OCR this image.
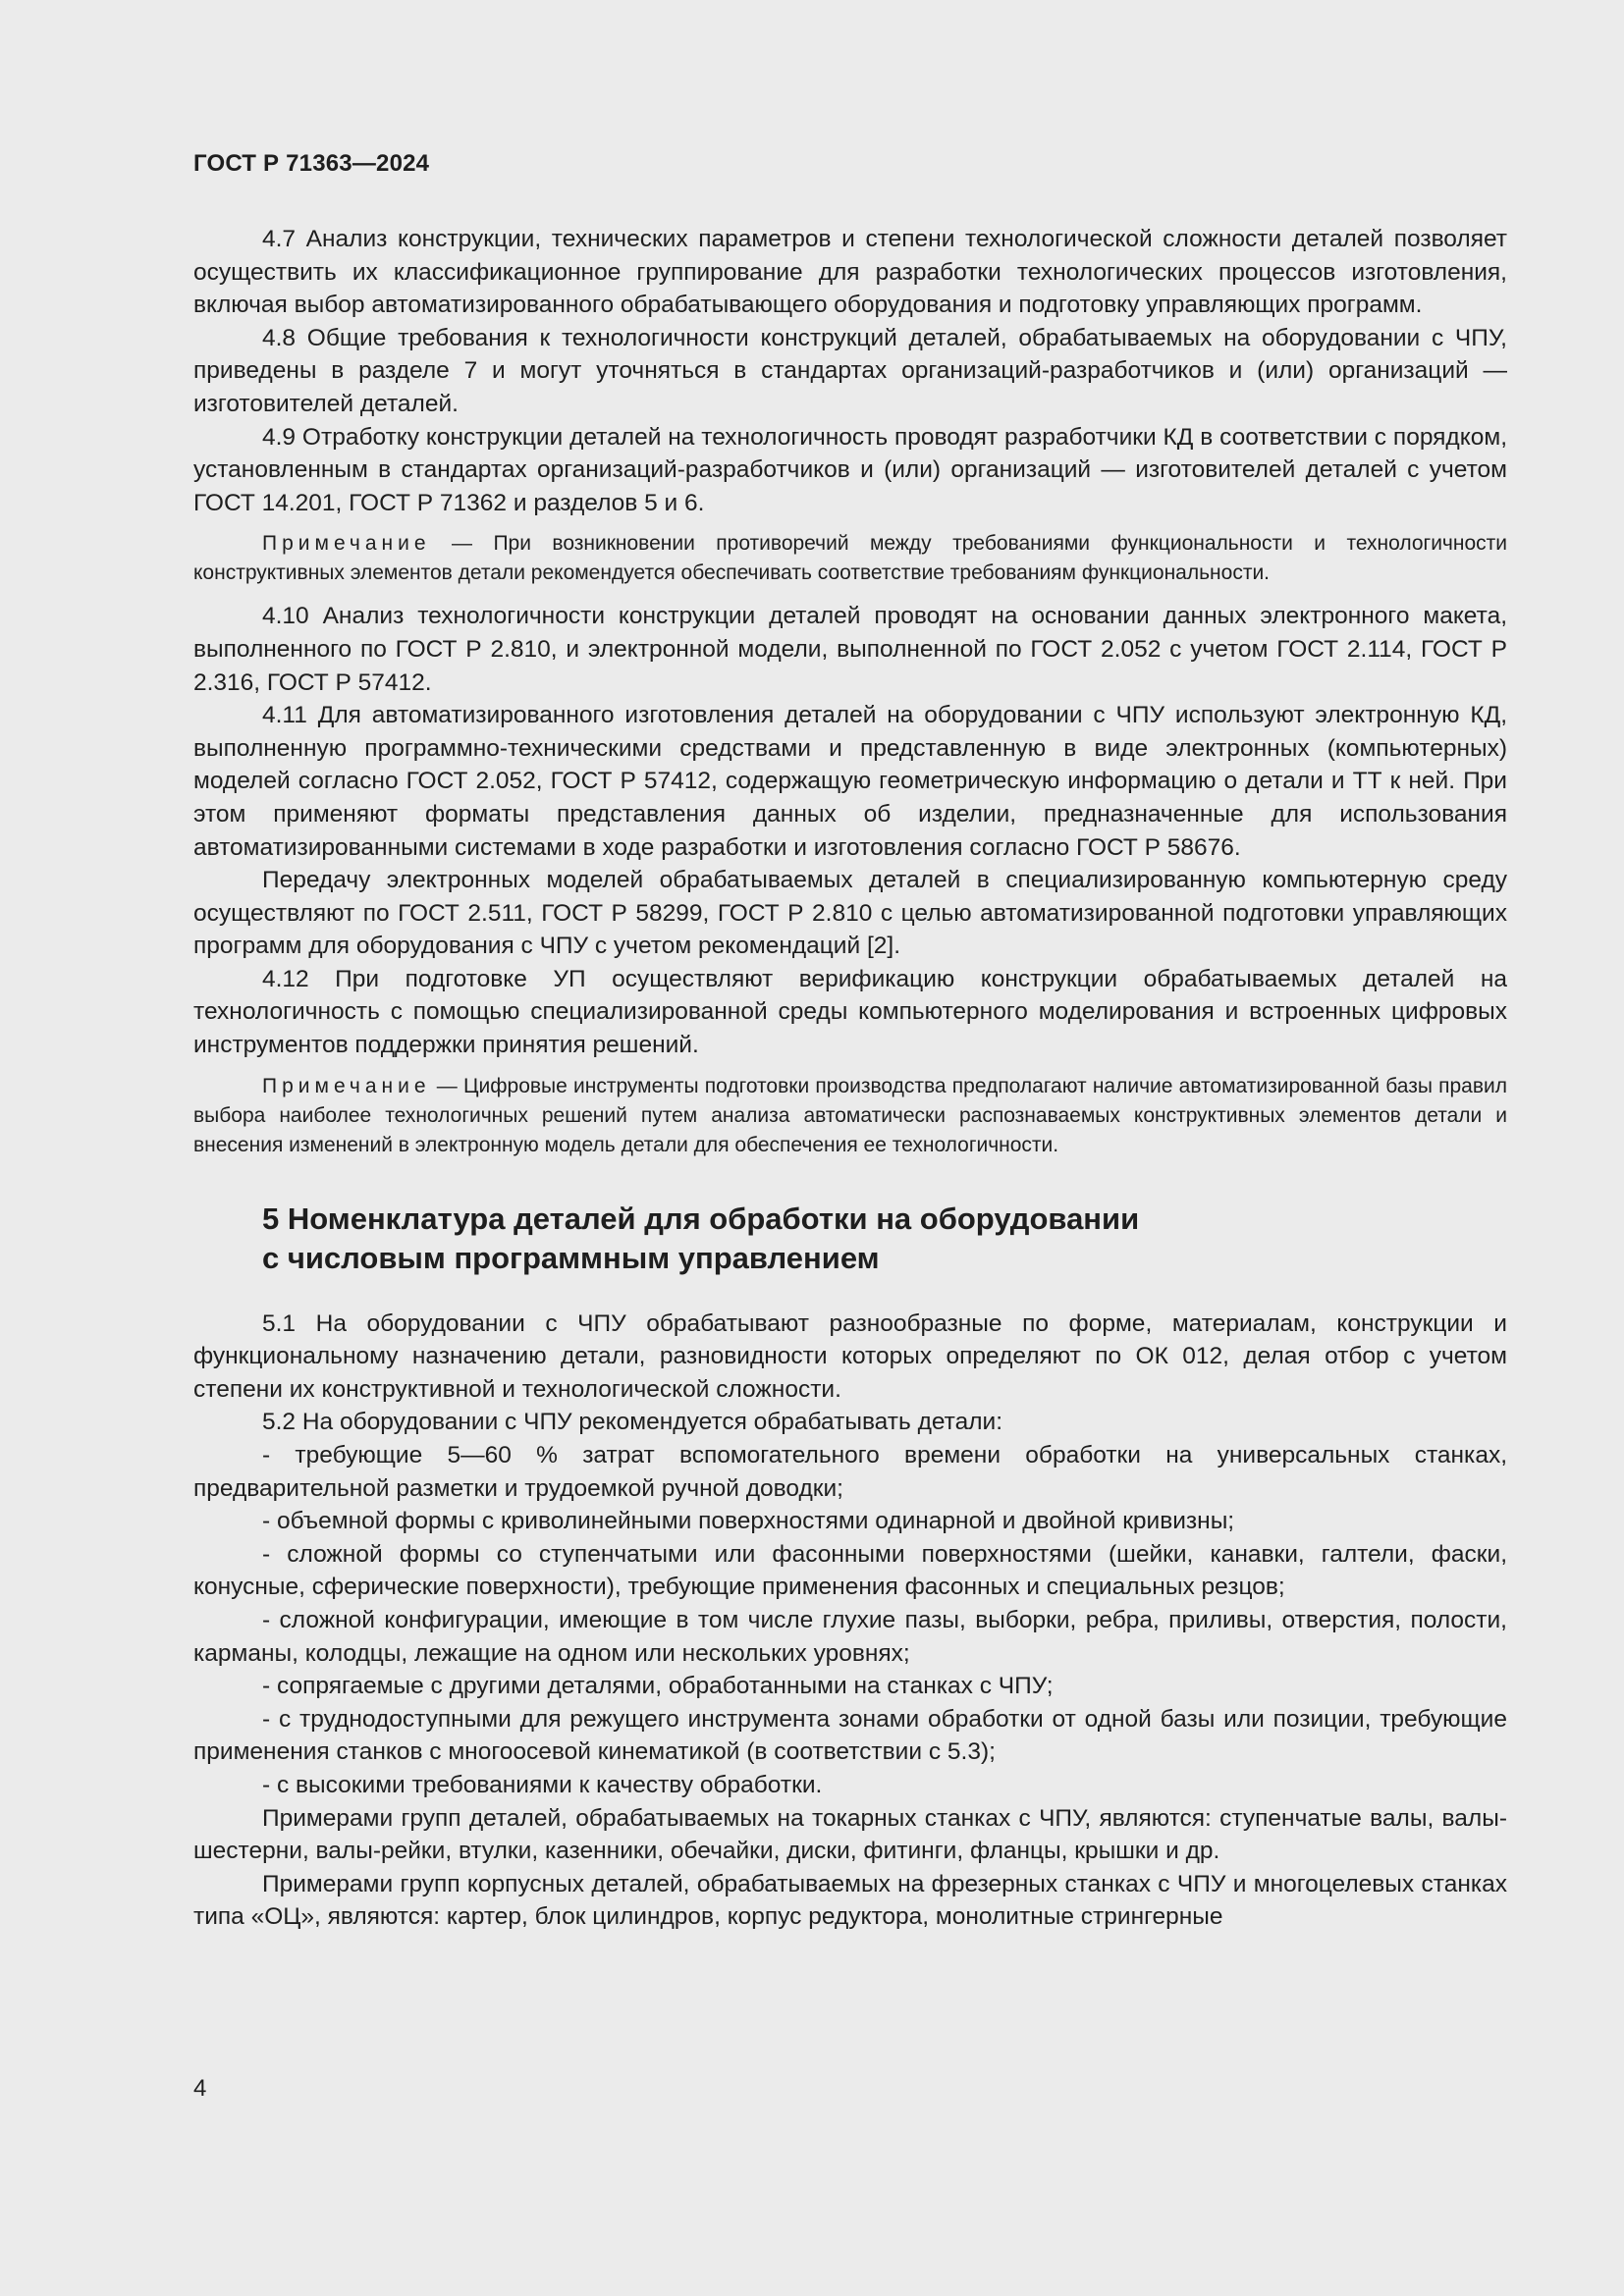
ГОСТ Р 71363—2024

4.7 Анализ конструкции, технических параметров и степени технологической сложности деталей позволяет осуществить их классификационное группирование для разработки технологических процессов изготовления, включая выбор автоматизированного обрабатывающего оборудования и подготовку управляющих программ.

4.8 Общие требования к технологичности конструкций деталей, обрабатываемых на оборудовании с ЧПУ, приведены в разделе 7 и могут уточняться в стандартах организаций-разработчиков и (или) организаций — изготовителей деталей.

4.9 Отработку конструкции деталей на технологичность проводят разработчики КД в соответствии с порядком, установленным в стандартах организаций-разработчиков и (или) организаций — изготовителей деталей с учетом ГОСТ 14.201, ГОСТ Р 71362 и разделов 5 и 6.

Примечание — При возникновении противоречий между требованиями функциональности и технологичности конструктивных элементов детали рекомендуется обеспечивать соответствие требованиям функциональности.

4.10 Анализ технологичности конструкции деталей проводят на основании данных электронного макета, выполненного по ГОСТ Р 2.810, и электронной модели, выполненной по ГОСТ 2.052 с учетом ГОСТ 2.114, ГОСТ Р 2.316, ГОСТ Р 57412.

4.11 Для автоматизированного изготовления деталей на оборудовании с ЧПУ используют электронную КД, выполненную программно-техническими средствами и представленную в виде электронных (компьютерных) моделей согласно ГОСТ 2.052, ГОСТ Р 57412, содержащую геометрическую информацию о детали и ТТ к ней. При этом применяют форматы представления данных об изделии, предназначенные для использования автоматизированными системами в ходе разработки и изготовления согласно ГОСТ Р 58676.

Передачу электронных моделей обрабатываемых деталей в специализированную компьютерную среду осуществляют по ГОСТ 2.511, ГОСТ Р 58299, ГОСТ Р 2.810 с целью автоматизированной подготовки управляющих программ для оборудования с ЧПУ с учетом рекомендаций [2].

4.12 При подготовке УП осуществляют верификацию конструкции обрабатываемых деталей на технологичность с помощью специализированной среды компьютерного моделирования и встроенных цифровых инструментов поддержки принятия решений.

Примечание — Цифровые инструменты подготовки производства предполагают наличие автоматизированной базы правил выбора наиболее технологичных решений путем анализа автоматически распознаваемых конструктивных элементов детали и внесения изменений в электронную модель детали для обеспечения ее технологичности.

5 Номенклатура деталей для обработки на оборудовании
с числовым программным управлением

5.1 На оборудовании с ЧПУ обрабатывают разнообразные по форме, материалам, конструкции и функциональному назначению детали, разновидности которых определяют по ОК 012, делая отбор с учетом степени их конструктивной и технологической сложности.

5.2 На оборудовании с ЧПУ рекомендуется обрабатывать детали:

- требующие 5—60 % затрат вспомогательного времени обработки на универсальных станках, предварительной разметки и трудоемкой ручной доводки;

- объемной формы с криволинейными поверхностями одинарной и двойной кривизны;

- сложной формы со ступенчатыми или фасонными поверхностями (шейки, канавки, галтели, фаски, конусные, сферические поверхности), требующие применения фасонных и специальных резцов;

- сложной конфигурации, имеющие в том числе глухие пазы, выборки, ребра, приливы, отверстия, полости, карманы, колодцы, лежащие на одном или нескольких уровнях;

- сопрягаемые с другими деталями, обработанными на станках с ЧПУ;

- с труднодоступными для режущего инструмента зонами обработки от одной базы или позиции, требующие применения станков с многоосевой кинематикой (в соответствии с 5.3);

- с высокими требованиями к качеству обработки.

Примерами групп деталей, обрабатываемых на токарных станках с ЧПУ, являются: ступенчатые валы, валы-шестерни, валы-рейки, втулки, казенники, обечайки, диски, фитинги, фланцы, крышки и др.

Примерами групп корпусных деталей, обрабатываемых на фрезерных станках с ЧПУ и многоцелевых станках типа «ОЦ», являются: картер, блок цилиндров, корпус редуктора, монолитные стрингерные

4
